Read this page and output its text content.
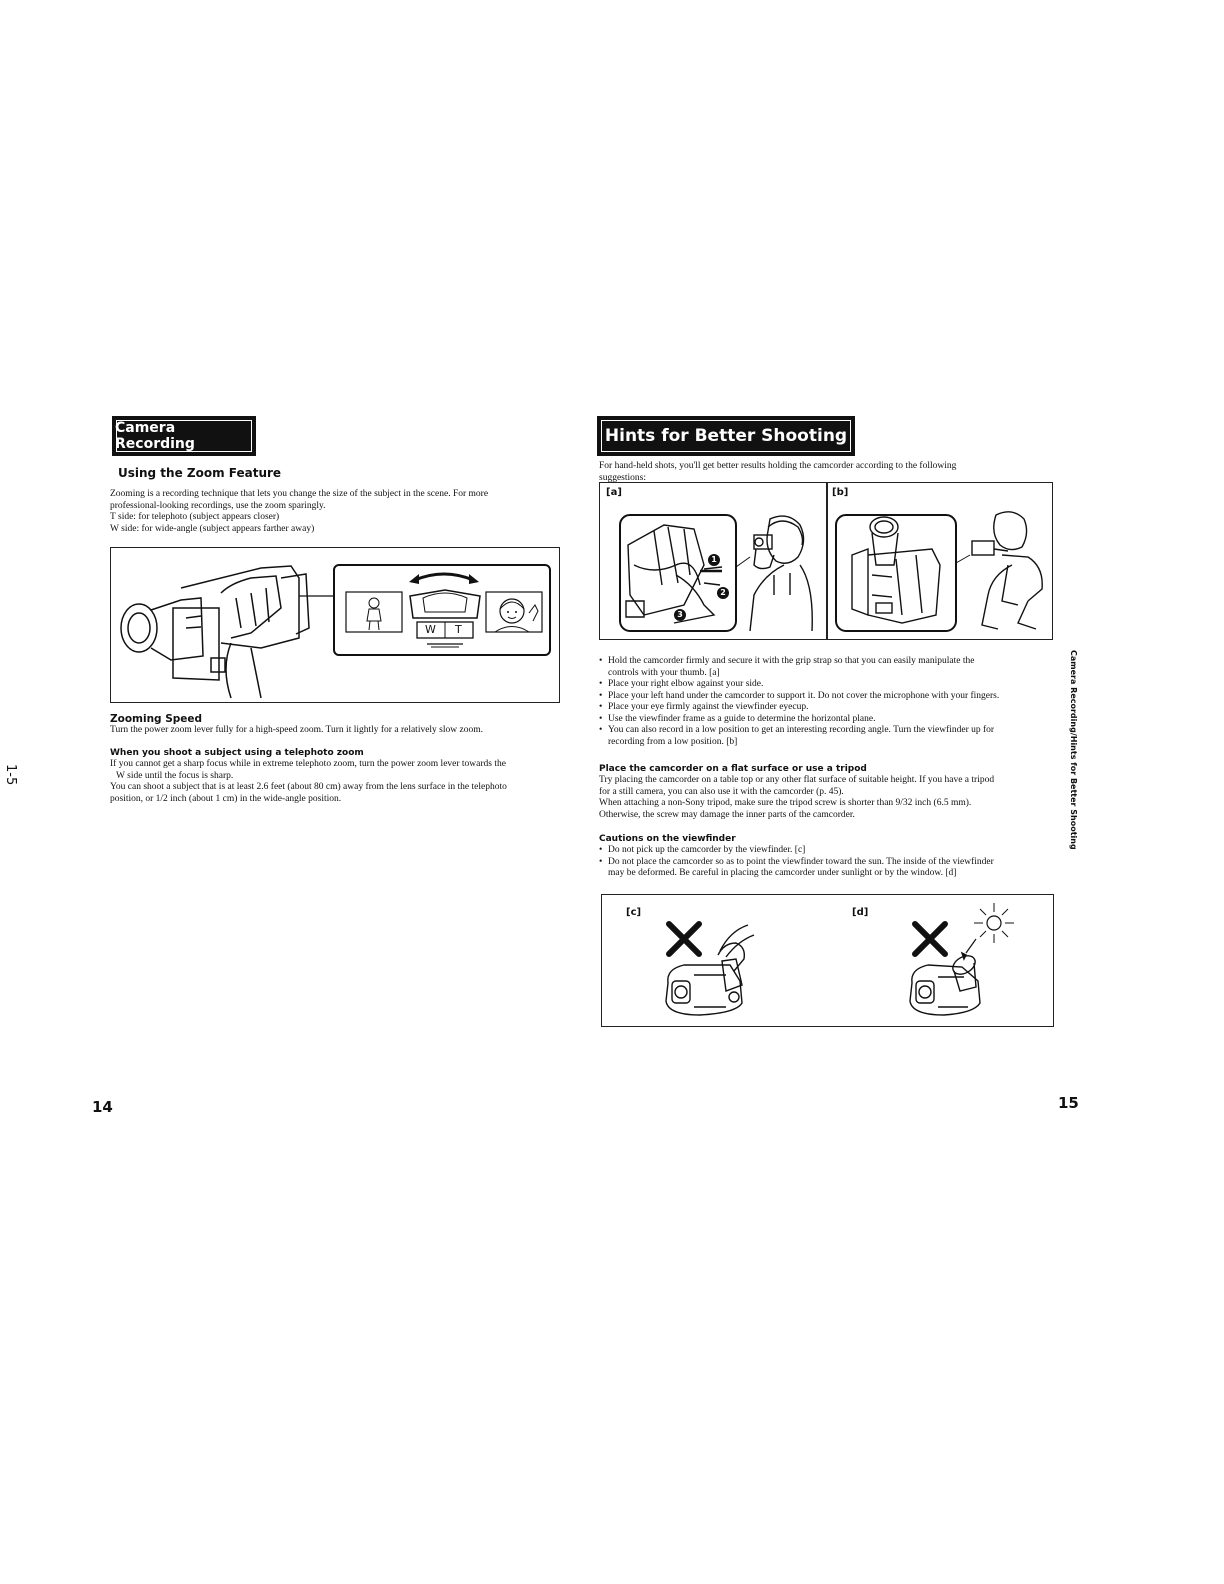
Camera Recording
Using the Zoom Feature

Zooming is a recording technique that lets you change the size of the subject in the scene. For more

professional-looking recordings, use the zoom sparingly.

T side: for telephoto (subject appears closer)

W side: for wide-angle (subject appears farther away)

W T
Zooming Speed
Turn the power zoom lever fully for a high-speed zoom. Turn it lightly for a relatively slow zoom.
When you shoot a subject using a telephoto zoom

If you cannot get a sharp focus while in extreme telephoto zoom, turn the power zoom lever towards the

W side until the focus is sharp.

You can shoot a subject that is at least 2.6 feet (about 80 cm) away from the lens surface in the telephoto

position, or 1/2 inch (about 1 cm) in the wide-angle position.

1-5
14
Hints for Better Shooting

For hand-held shots, you'll get better results holding the camcorder according to the following

suggestions:

[a]	[b]
1
2
3
• Hold the camcorder firmly and secure it with the grip strap so that you can easily manipulate the
controls with your thumb. [a]
• Place your right elbow against your side.
• Place your left hand under the camcorder to support it. Do not cover the microphone with your fingers.
• Place your eye firmly against the viewfinder eyecup.
• Use the viewfinder frame as a guide to determine the horizontal plane.
• You can also record in a low position to get an interesting recording angle. Turn the viewfinder up for
recording from a low position. [b]
Place the camcorder on a flat surface or use a tripod

Try placing the camcorder on a table top or any other flat surface of suitable height. If you have a tripod

for a still camera, you can also use it with the camcorder (p. 45).

When attaching a non-Sony tripod, make sure the tripod screw is shorter than 9/32 inch (6.5 mm).

Otherwise, the screw may damage the inner parts of the camcorder.

Cautions on the viewfinder
• Do not pick up the camcorder by the viewfinder. [c]
• Do not place the camcorder so as to point the viewfinder toward the sun. The inside of the viewfinder
may be deformed. Be careful in placing the camcorder under sunlight or by the window. [d]
[c]	[d]
Camera Recording/Hints for Better Shooting
15
